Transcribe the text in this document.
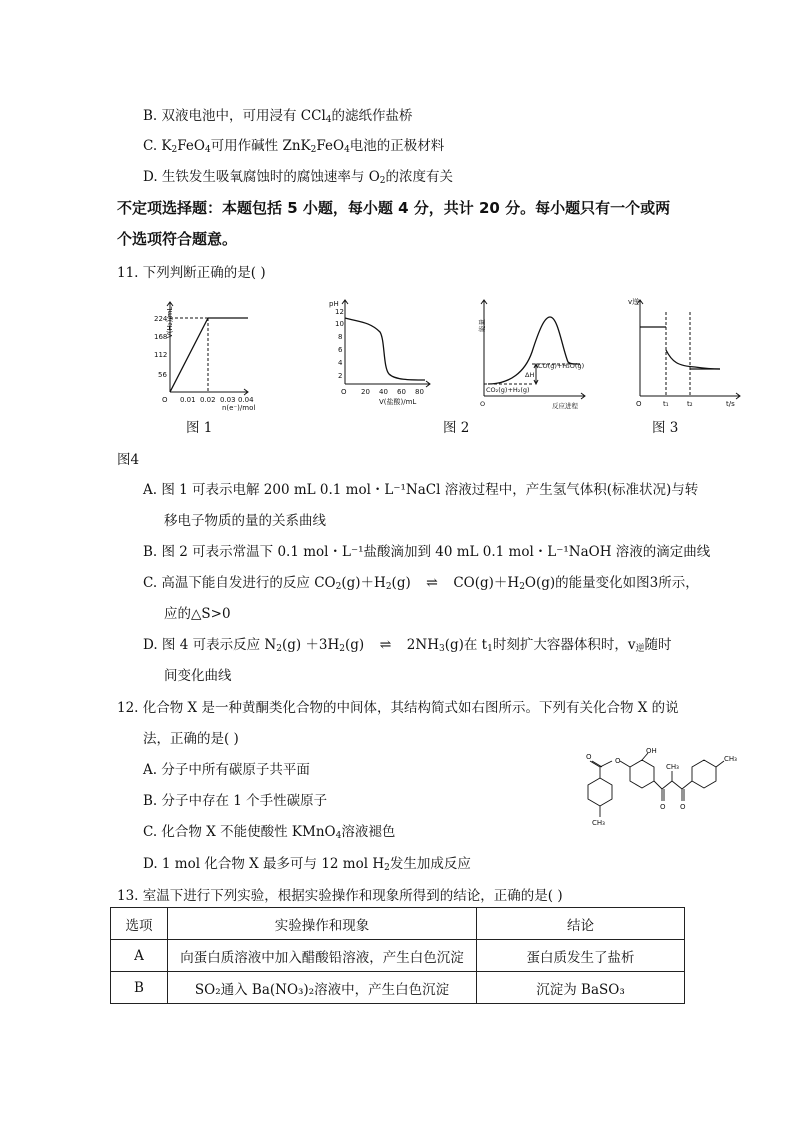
B. 双液电池中，可用浸有 CCl$_4$的滤纸作盐桥
C. $K_2FeO_4$可用作碱性 ZnK$_2$FeO$_4$电池的正极材料
D. 生铁发生吸氧腐蚀时的腐蚀速率与 $O_2$的浓度有关
不定项选择题：本题包括 5 小题，每小题 4 分，共计 20 分。每小题只有一个或两
个选项符合题意。
11. 下列判断正确的是( )
V(H₂)/mL
224
168
112
56
O 0.01 0.02 0.03 0.04
n(e⁻)/mol
pH
12
10
8
6
4
2
O 20 40 60 80
V(盐酸)/mL
能量
CO(g)+H₂O(g)
ΔH
CO₂(g)+H₂(g)
O	反应进程
v逆
O	t₁	t₂	t/s
图 1	图 2	图 3
图4
A. 图 1 可表示电解 200 mL 0.1 mol・L⁻¹NaCl 溶液过程中，产生氢气体积(标准状况)与转
移电子物质的量的关系曲线
B. 图 2 可表示常温下 0.1 mol・L⁻¹盐酸滴加到 40 mL 0.1 mol・L⁻¹NaOH 溶液的滴定曲线
C. 高温下能自发进行的反应 $CO_2(g)+H_2(g)$ ⇌ $CO(g)+H_2O(g)$的能量变化如图3所示，
应的△S>0
D. 图 4 可表示反应 $N_2(g) +3H_2(g)$ ⇌ $2NH_3(g)$在 $t_1$时刻扩大容器体积时，$v_逆$随时
间变化曲线
12. 化合物 X 是一种黄酮类化合物的中间体，其结构简式如右图所示。下列有关化合物 X 的说
法，正确的是( )
A. 分子中所有碳原子共平面
B. 分子中存在 1 个手性碳原子
C. 化合物 X 不能使酸性 KMnO$_4$溶液褪色
D. 1 mol 化合物 X 最多可与 12 mol $H_2$发生加成反应
O
OH
CH₃
CH₃
CH₃
O O
O
13. 室温下进行下列实验，根据实验操作和现象所得到的结论，正确的是( )
选项	实验操作和现象	结论
A	向蛋白质溶液中加入醋酸铅溶液，产生白色沉淀	蛋白质发生了盐析
B	SO₂通入 Ba(NO₃)₂溶液中，产生白色沉淀	沉淀为 BaSO₃
